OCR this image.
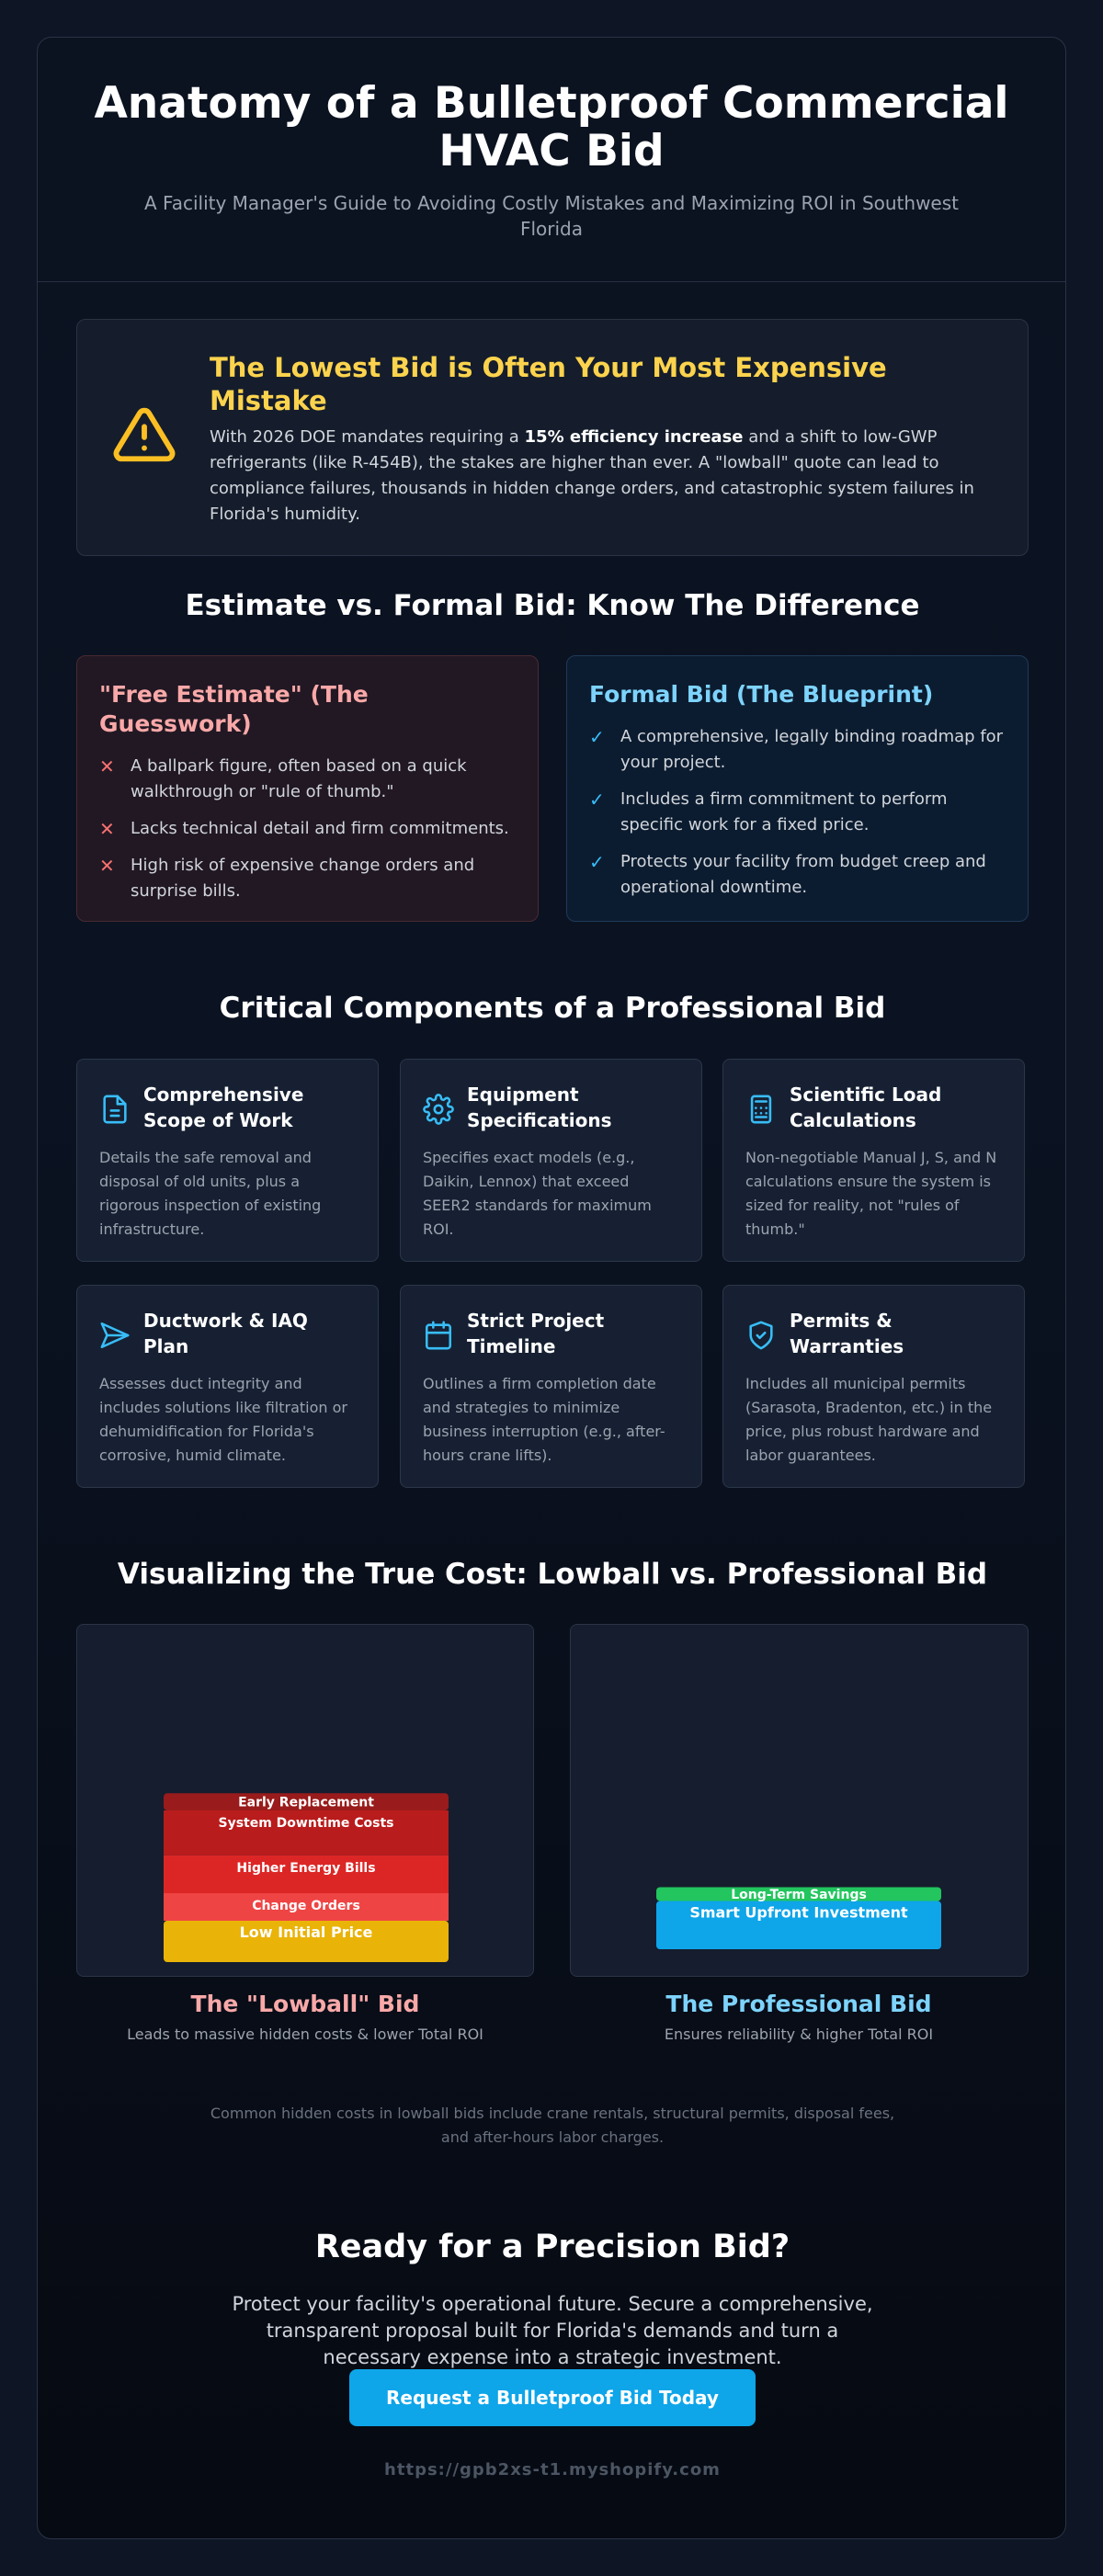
Anatomy of a Bulletproof Commercial HVAC Bid

A Facility Manager's Guide to Avoiding Costly Mistakes and Maximizing ROI in Southwest Florida

The Lowest Bid is Often Your Most Expensive Mistake

With 2026 DOE mandates requiring a 15% efficiency increase and a shift to low-GWP refrigerants (like R-454B), the stakes are higher than ever. A "lowball" quote can lead to compliance failures, thousands in hidden change orders, and catastrophic system failures in Florida's humidity.

Estimate vs. Formal Bid: Know The Difference
"Free Estimate" (The Guesswork)
✕ A ballpark figure, often based on a quick walkthrough or "rule of thumb."
✕ Lacks technical detail and firm commitments.
✕ High risk of expensive change orders and surprise bills.
Formal Bid (The Blueprint)
✓ A comprehensive, legally binding roadmap for your project.
✓ Includes a firm commitment to perform specific work for a fixed price.
✓ Protects your facility from budget creep and operational downtime.
Critical Components of a Professional Bid
Comprehensive Scope of Work

Details the safe removal and disposal of old units, plus a rigorous inspection of existing infrastructure.

Equipment Specifications

Specifies exact models (e.g., Daikin, Lennox) that exceed SEER2 standards for maximum ROI.

Scientific Load Calculations

Non-negotiable Manual J, S, and N calculations ensure the system is sized for reality, not "rules of thumb."

Ductwork & IAQ Plan

Assesses duct integrity and includes solutions like filtration or dehumidification for Florida's corrosive, humid climate.

Strict Project Timeline

Outlines a firm completion date and strategies to minimize business interruption (e.g., after-hours crane lifts).

Permits & Warranties

Includes all municipal permits (Sarasota, Bradenton, etc.) in the price, plus robust hardware and labor guarantees.

Visualizing the True Cost: Lowball vs. Professional Bid
Low Initial Price
Change Orders
Higher Energy Bills
System Downtime Costs
Early Replacement
Smart Upfront Investment
Long-Term Savings
The "Lowball" Bid
Leads to massive hidden costs & lower Total ROI
The Professional Bid
Ensures reliability & higher Total ROI
Common hidden costs in lowball bids include crane rentals, structural permits, disposal fees, and after-hours labor charges.
Ready for a Precision Bid?
Protect your facility's operational future. Secure a comprehensive, transparent proposal built for Florida's demands and turn a necessary expense into a strategic investment.
Request a Bulletproof Bid Today
https://gpb2xs-t1.myshopify.com
